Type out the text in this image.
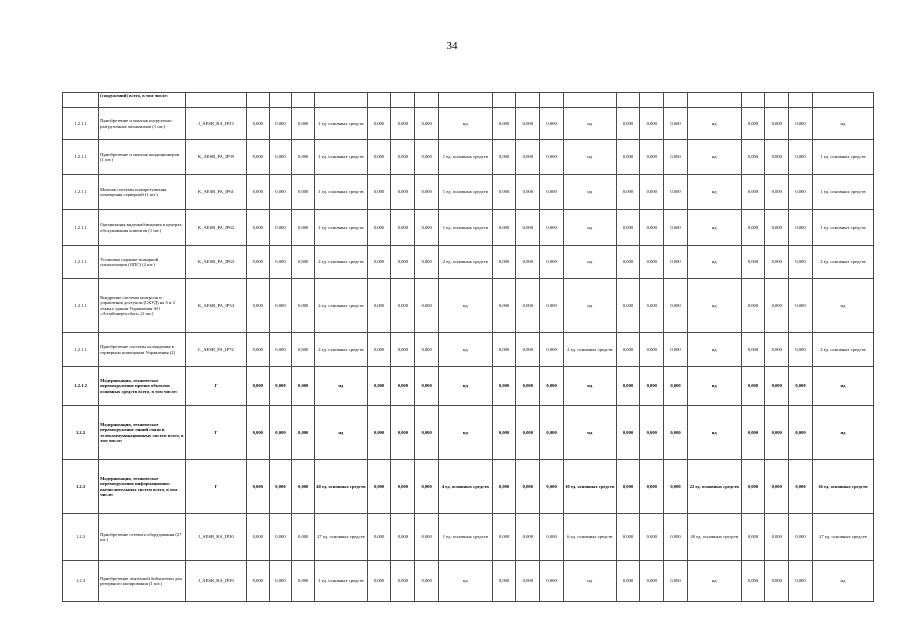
34
	(сооружений) всего, в том числе:																					
1.2.1.1	Приобретение и монтаж погрузочно-разгрузочных механизмов (1 шт.)	J_AESB_RA_IP33	0,000	0,000	0,000	1 ед. основных средств	0,000	0,000	0,000	нд	0,000	0,000	0,000	нд	0,000	0,000	0,000	нд	0,000	0,000	0,000	нд
1.2.1.1	Приобретение и монтаж кондиционеров (1 шт.)	K_AESB_PA_IP59	0,000	0,000	0,000	1 ед. основных средств	0,000	0,000	0,000	1 ед. основных средств	0,000	0,000	0,000	нд	0,000	0,000	0,000	нд	0,000	0,000	0,000	1 ед. основных средств
1.2.1.1	Монтаж системы пожаротушения помещения серверной (1 шт.)	K_AESB_PA_IP61	0,000	0,000	0,000	1 ед. основных средств	0,000	0,000	0,000	1 ед. основных средств	0,000	0,000	0,000	нд	0,000	0,000	0,000	нд	0,000	0,000	0,000	1 ед. основных средств
1.2.1.1	Организация видеонаблюдения в центрах обслуживания клиентов (1 шт.)	K_AESB_PA_IP62	0,000	0,000	0,000	1 ед. основных средств	0,000	0,000	0,000	1 ед. основных средств	0,000	0,000	0,000	нд	0,000	0,000	0,000	нд	0,000	0,000	0,000	1 ед. основных средств
1.2.1.1	Установка охранно-пожарной сигнализации (ОПС) (2 шт.)	K_AESB_PA_IP63	0,000	0,000	0,000	2 ед. основных средств	0,000	0,000	0,000	2 ед. основных средств	0,000	0,000	0,000	нд	0,000	0,000	0,000	нд	0,000	0,000	0,000	2 ед. основных средств
1.2.1.1	Внедрение системы контроля и управления доступом (СКУД) на 3 и 4 этажах здания Управления АО «Алтайэнергосбыт» (2 шт.)	K_AESB_PA_IP54	0,000	0,000	0,000	2 ед. основных средств	0,000	0,000	0,000	нд	0,000	0,000	0,000	нд	0,000	0,000	0,000	нд	0,000	0,000	0,000	нд
1.2.1.1	Приобретение системы охлаждения в серверном помещении Управления (2)	L_AESB_PA_IP72	0,000	0,000	0,000	2 ед. основных средств	0,000	0,000	0,000	нд	0,000	0,000	0,000	2 ед. основных средств	0,000	0,000	0,000	нд	0,000	0,000	0,000	2 ед. основных средств
1.2.1.2	Модернизация, техническое перевооружение прочих объектов основных средств всего, в том числе:	Г	0,000	0,000	0,000	нд	0,000	0,000	0,000	нд	0,000	0,000	0,000	нд	0,000	0,000	0,000	нд	0,000	0,000	0,000	нд
1.2.2	Модернизация, техническое перевооружение линий связи и телекоммуникационных систем всего, в том числе:	Г	0,000	0,000	0,000	нд	0,000	0,000	0,000	нд	0,000	0,000	0,000	нд	0,000	0,000	0,000	нд	0,000	0,000	0,000	нд
1.2.3	Модернизация, техническое перевооружение информационно-вычислительных систем всего, в том числе:	Г	0,000	0,000	0,000	40 ед. основных средств	0,000	0,000	0,000	4 ед. основных средств	0,000	0,000	0,000	10 ед. основных средств	0,000	0,000	0,000	22 ед. основных средств	0,000	0,000	0,000	36 ед. основных средств
1.2.3	Приобретение сетевого оборудования (27 шт.)	J_AESB_RA_IP30	0,000	0,000	0,000	27 ед. основных средств	0,000	0,000	0,000	1 ед. основных средств	0,000	0,000	0,000	6 ед. основных средств	0,000	0,000	0,000	20 ед. основных средств	0,000	0,000	0,000	27 ед. основных средств
1.2.3	Приобретение ленточной библиотеки для резервного копирования (1 шт.)	J_AESB_RA_IP39	0,000	0,000	0,000	1 ед. основных средств	0,000	0,000	0,000	нд	0,000	0,000	0,000	нд	0,000	0,000	0,000	нд	0,000	0,000	0,000	нд
